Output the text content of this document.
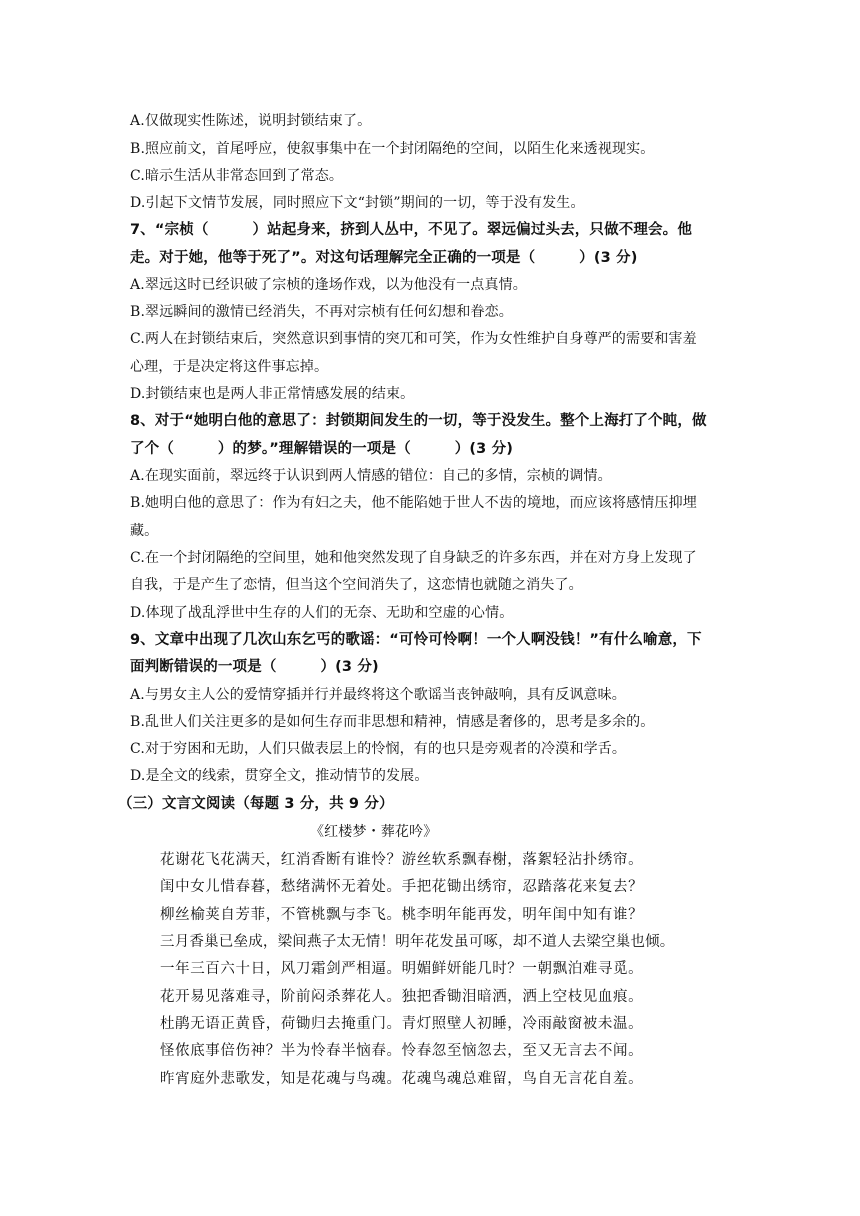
A.仅做现实性陈述，说明封锁结束了。
B.照应前文，首尾呼应，使叙事集中在一个封闭隔绝的空间，以陌生化来透视现实。
C.暗示生活从非常态回到了常态。
D.引起下文情节发展，同时照应下文“封锁”期间的一切，等于没有发生。
7、“宗桢（　　　）站起身来，挤到人丛中，不见了。翠远偏过头去，只做不理会。他
走。对于她，他等于死了”。对这句话理解完全正确的一项是（　　　）(3 分)
A.翠远这时已经识破了宗桢的逢场作戏，以为他没有一点真情。
B.翠远瞬间的激情已经消失，不再对宗桢有任何幻想和眷恋。
C.两人在封锁结束后，突然意识到事情的突兀和可笑，作为女性维护自身尊严的需要和害羞
心理，于是决定将这件事忘掉。
D.封锁结束也是两人非正常情感发展的结束。
8、对于“她明白他的意思了：封锁期间发生的一切，等于没发生。整个上海打了个盹，做
了个（　　　）的梦。”理解错误的一项是（　　　）(3 分)
A.在现实面前，翠远终于认识到两人情感的错位：自己的多情，宗桢的调情。
B.她明白他的意思了：作为有妇之夫，他不能陷她于世人不齿的境地，而应该将感情压抑埋
藏。
C.在一个封闭隔绝的空间里，她和他突然发现了自身缺乏的许多东西，并在对方身上发现了
自我，于是产生了恋情，但当这个空间消失了，这恋情也就随之消失了。
D.体现了战乱浮世中生存的人们的无奈、无助和空虚的心情。
9、文章中出现了几次山东乞丐的歌谣：“可怜可怜啊！一个人啊没钱！”有什么喻意，下
面判断错误的一项是（　　　）(3 分)
A.与男女主人公的爱情穿插并行并最终将这个歌谣当丧钟敲响，具有反讽意味。
B.乱世人们关注更多的是如何生存而非思想和精神，情感是奢侈的，思考是多余的。
C.对于穷困和无助，人们只做表层上的怜悯，有的也只是旁观者的冷漠和学舌。
D.是全文的线索，贯穿全文，推动情节的发展。
（三）文言文阅读（每题 3 分，共 9 分）
《红楼梦・葬花吟》
花谢花飞花满天，红消香断有谁怜？游丝软系飘春榭，落絮轻沾扑绣帘。
闺中女儿惜春暮，愁绪满怀无着处。手把花锄出绣帘，忍踏落花来复去？
柳丝榆荚自芳菲，不管桃飘与李飞。桃李明年能再发，明年闺中知有谁？
三月香巢已垒成，梁间燕子太无情！明年花发虽可啄，却不道人去梁空巢也倾。
一年三百六十日，风刀霜剑严相逼。明媚鲜妍能几时？一朝飘泊难寻觅。
花开易见落难寻，阶前闷杀葬花人。独把香锄泪暗洒，洒上空枝见血痕。
杜鹃无语正黄昏，荷锄归去掩重门。青灯照壁人初睡，冷雨敲窗被未温。
怪侬底事倍伤神？半为怜春半恼春。怜春忽至恼忽去，至又无言去不闻。
昨宵庭外悲歌发，知是花魂与鸟魂。花魂鸟魂总难留，鸟自无言花自羞。
